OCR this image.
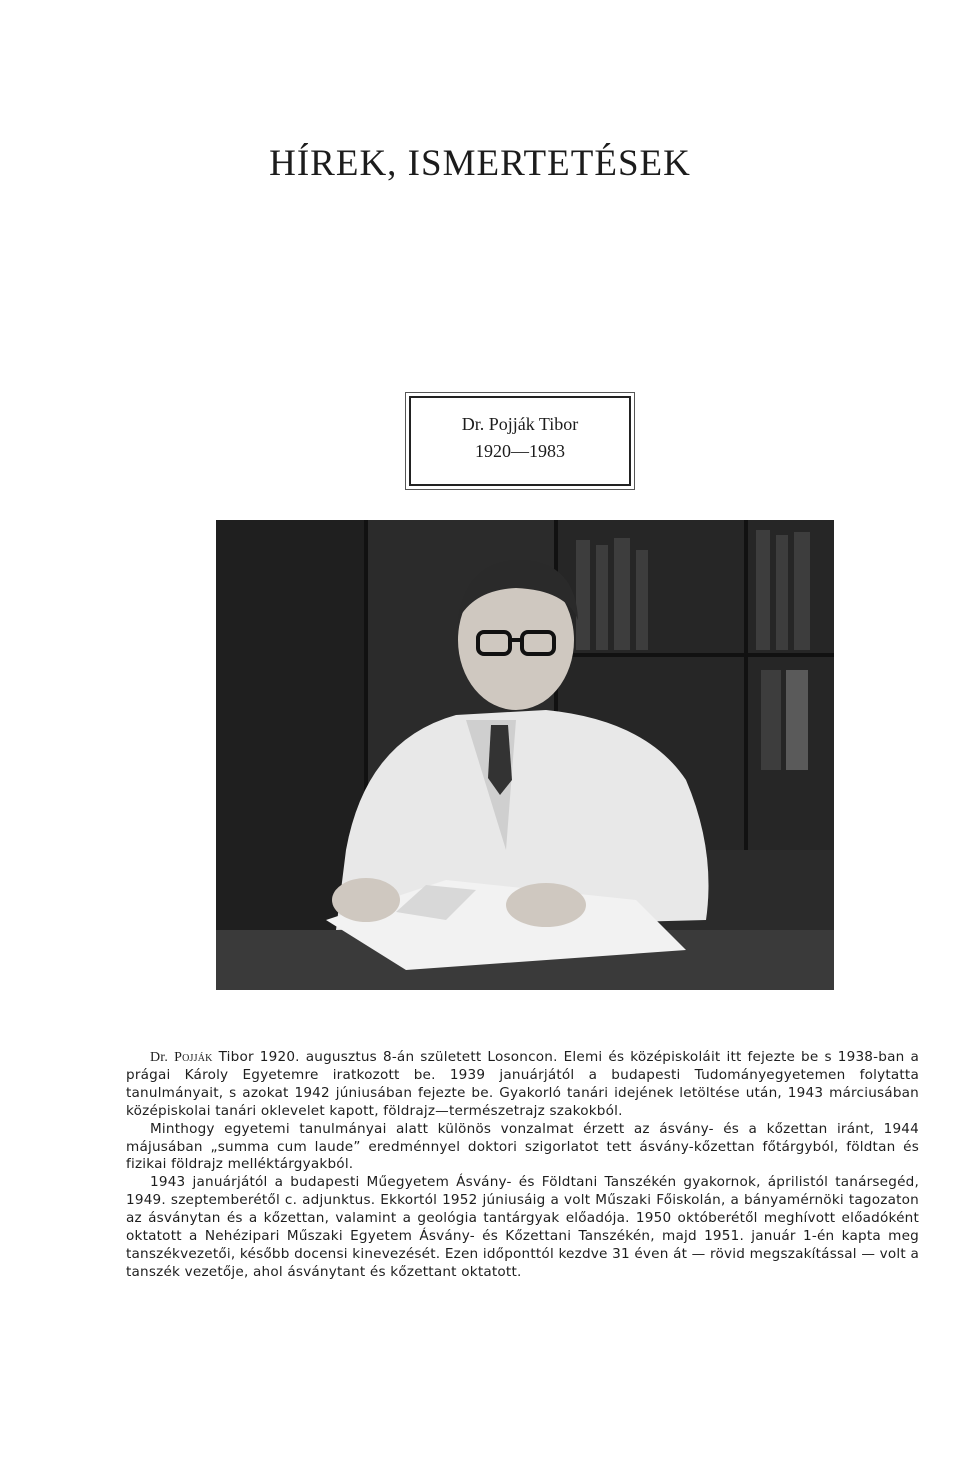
HÍREK, ISMERTETÉSEK
Dr. Pojják Tibor
1920—1983

Dr. Pojják Tibor 1920. augusztus 8-án született Losoncon. Elemi és középiskoláit itt fejezte be s 1938-ban a prágai Károly Egyetemre iratkozott be. 1939 januárjától a budapesti Tudományegyetemen folytatta tanulmányait, s azokat 1942 júniusában fejezte be. Gyakorló tanári idejének letöltése után, 1943 márciusában középiskolai tanári oklevelet kapott, földrajz—természetrajz szakokból.

Minthogy egyetemi tanulmányai alatt különös vonzalmat érzett az ásvány- és a kőzettan iránt, 1944 májusában „summa cum laude” eredménnyel doktori szigorlatot tett ásvány-kőzettan főtárgyból, földtan és fizikai földrajz melléktárgyakból.

1943 januárjától a budapesti Műegyetem Ásvány- és Földtani Tanszékén gyakornok, áprilistól tanársegéd, 1949. szeptemberétől c. adjunktus. Ekkortól 1952 júniusáig a volt Műszaki Főiskolán, a bányamérnöki tagozaton az ásványtan és a kőzettan, valamint a geológia tantárgyak előadója. 1950 októberétől meghívott előadóként oktatott a Nehézipari Műszaki Egyetem Ásvány- és Kőzettani Tanszékén, majd 1951. január 1-én kapta meg tanszékvezetői, később docensi kinevezését. Ezen időponttól kezdve 31 éven át — rövid megszakítással — volt a tanszék vezetője, ahol ásványtant és kőzettant oktatott.
